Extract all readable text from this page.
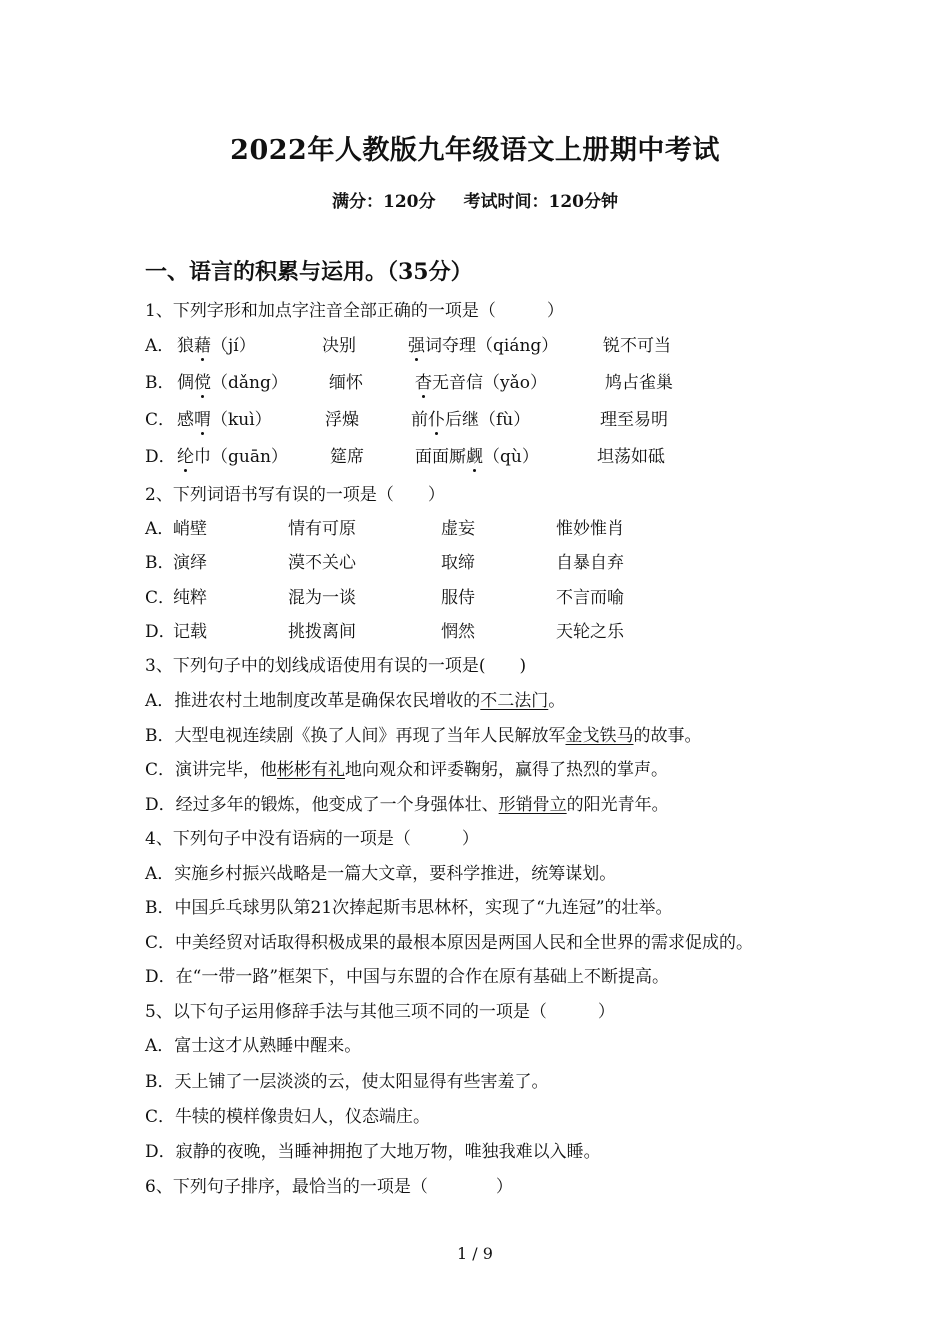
2022年人教版九年级语文上册期中考试
满分：120分 考试时间：120分钟
一、语言的积累与运用。（35分）
1、下列字形和加点字注音全部正确的一项是（　　　）
A． 狼藉（jí）	决别	强词夺理（qiáng）	锐不可当
B． 倜傥（dǎng） 缅怀	杳无音信（yǎo）	鸠占雀巢
C． 感喟（kuì）	浮燥	前仆后继（fù）	理至易明
D． 纶巾（guān） 筵席	面面厮觑（qù）	坦荡如砥
2、下列词语书写有误的一项是（　　）
A．
峭壁	情有可原	虚妄	惟妙惟肖
B．
演绎	漠不关心	取缔	自暴自弃
C．
纯粹	混为一谈	服侍	不言而喻
D．
记载	挑拨离间	惘然	天轮之乐
3、下列句子中的划线成语使用有误的一项是(　　)
A．推进农村土地制度改革是确保农民增收的不二法门。
B．大型电视连续剧《换了人间》再现了当年人民解放军金戈铁马的故事。
C．演讲完毕，他彬彬有礼地向观众和评委鞠躬，赢得了热烈的掌声。
D．经过多年的锻炼，他变成了一个身强体壮、形销骨立的阳光青年。
4、下列句子中没有语病的一项是（　　　）
A．实施乡村振兴战略是一篇大文章，要科学推进，统筹谋划。
B．中国乒乓球男队第21次捧起斯韦思林杯，实现了“九连冠”的壮举。
C．中美经贸对话取得积极成果的最根本原因是两国人民和全世界的需求促成的。
D．在“一带一路”框架下，中国与东盟的合作在原有基础上不断提高。
5、以下句子运用修辞手法与其他三项不同的一项是（　　　）
A．富士这才从熟睡中醒来。
B．天上铺了一层淡淡的云，使太阳显得有些害羞了。
C．牛犊的模样像贵妇人，仪态端庄。
D．寂静的夜晚，当睡神拥抱了大地万物，唯独我难以入睡。
6、下列句子排序，最恰当的一项是（　　　　）
1 / 9
